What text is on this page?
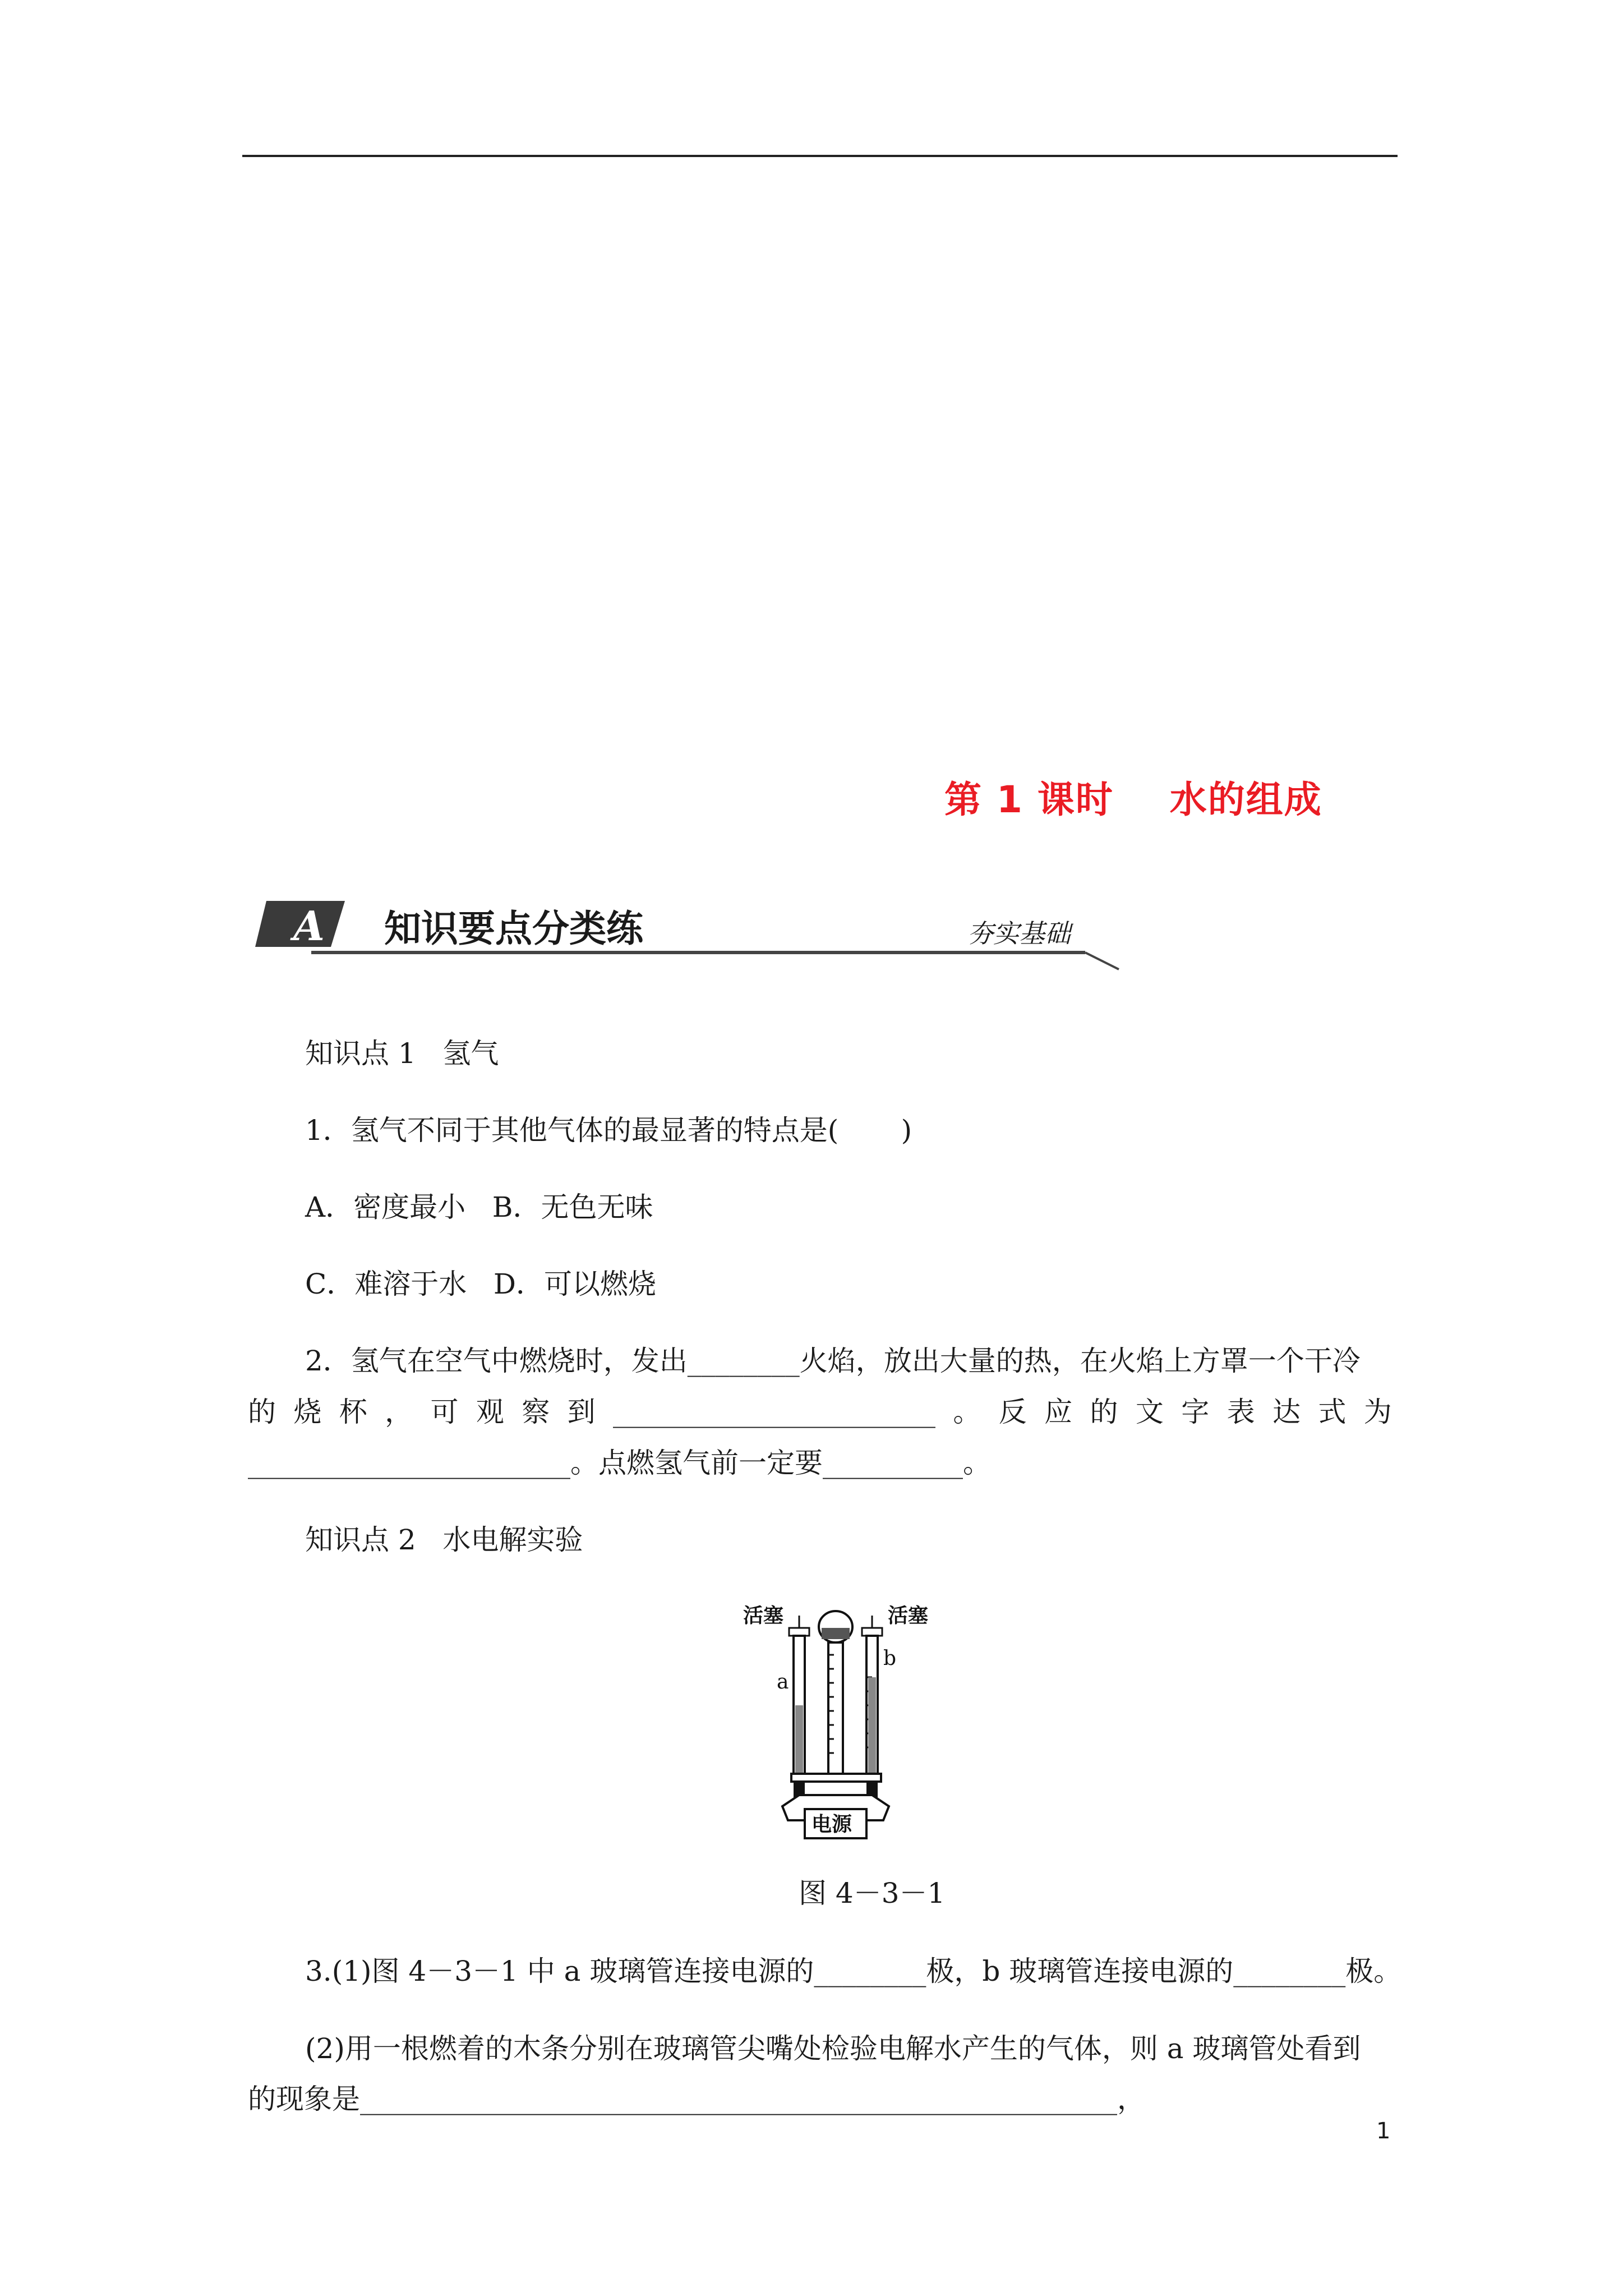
第 1 课时    水的组成
A 知识要点分类练	夯实基础
知识点 1   氢气
1．氢气不同于其他气体的最显著的特点是(       )
A．密度最小   B．无色无味
C．难溶于水   D．可以燃烧
2．氢气在空气中燃烧时，发出________火焰，放出大量的热，在火焰上方罩一个干冷
的 烧 杯 ， 可 观 察 到 _______________________ 。 反 应 的 文 字 表 达 式 为
_______________________。点燃氢气前一定要__________。
知识点 2   水电解实验
活塞	活塞
a
b
电源
图 4－3－1
3.(1)图 4－3－1 中 a 玻璃管连接电源的________极，b 玻璃管连接电源的________极。
(2)用一根燃着的木条分别在玻璃管尖嘴处检验电解水产生的气体，则 a 玻璃管处看到
的现象是______________________________________________________，
1
